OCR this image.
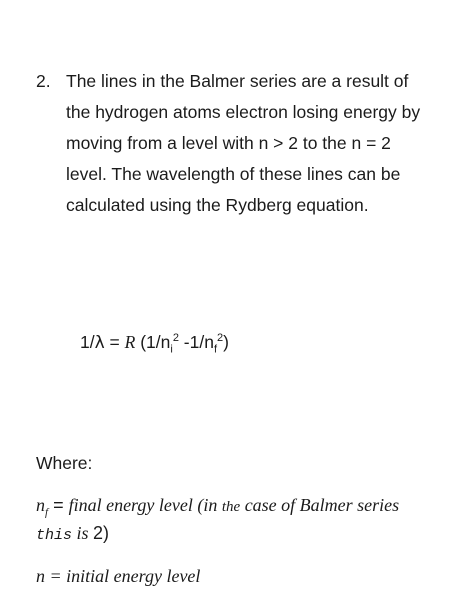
2. The lines in the Balmer series are a result of
the hydrogen atoms electron losing energy by
moving from a level with n > 2 to the n = 2
level. The wavelength of these lines can be
calculated using the Rydberg equation.
1/λ = R ($1/n_i^2$ $-1/n_f^2$)
Where:
$n_f$ = final energy level (in the case of Balmer series
this is 2)
n = initial energy level
